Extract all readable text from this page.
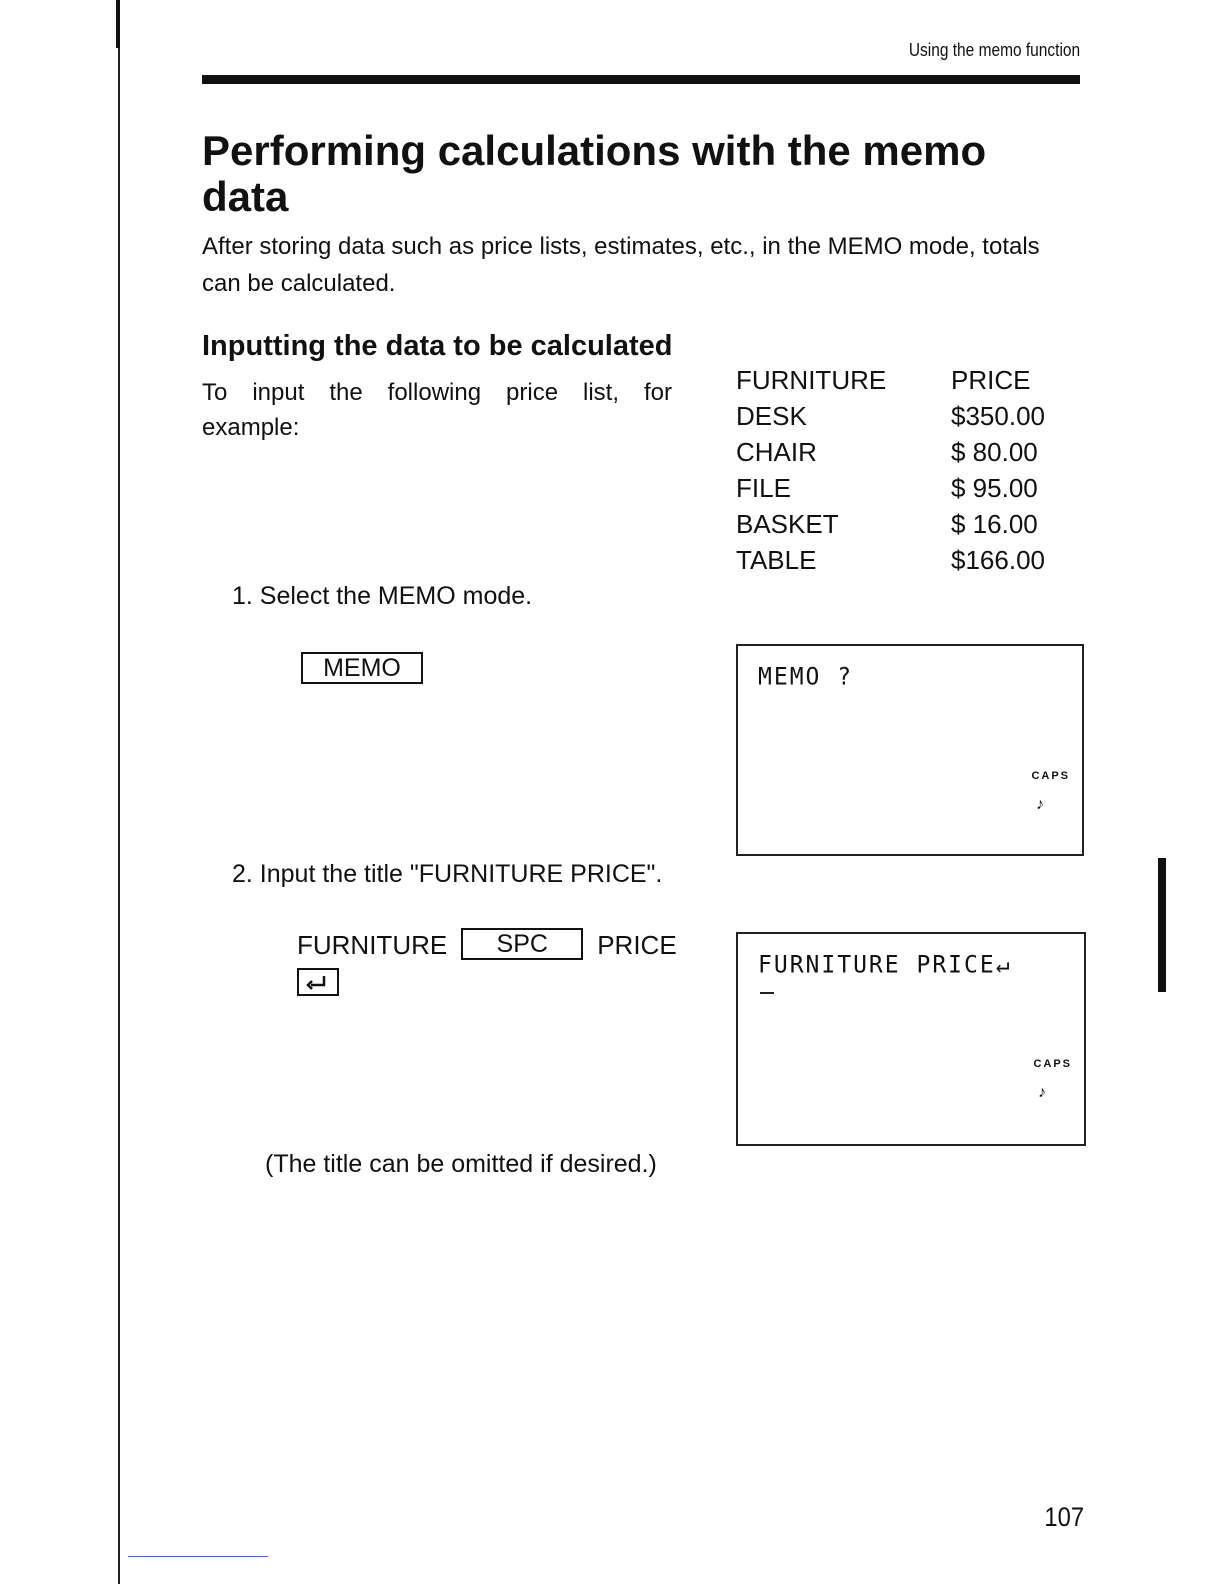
Using the memo function
Performing calculations with the memo data
After storing data such as price lists, estimates, etc., in the MEMO mode, totals can be calculated.
Inputting the data to be calculated
To input the following price list, for example:
FURNITURE	PRICE
DESK	$350.00
CHAIR	$ 80.00
FILE	$ 95.00
BASKET	$ 16.00
TABLE	$166.00
1. Select the MEMO mode.
MEMO	MEMO ?
CAPS
♪
2. Input the title "FURNITURE PRICE".
FURNITURE SPC PRICE
FURNITURE PRICE↵
CAPS
♪
(The title can be omitted if desired.)
107
